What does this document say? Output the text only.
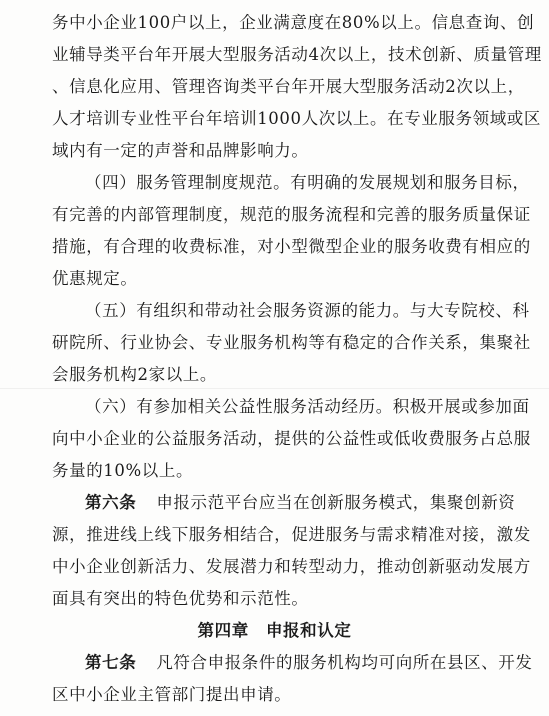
务中小企业100户以上，企业满意度在80%以上。信息查询、创
业辅导类平台年开展大型服务活动4次以上，技术创新、质量管理
、信息化应用、管理咨询类平台年开展大型服务活动2次以上，
人才培训专业性平台年培训1000人次以上。在专业服务领域或区
域内有一定的声誉和品牌影响力。
（四）服务管理制度规范。有明确的发展规划和服务目标，
有完善的内部管理制度，规范的服务流程和完善的服务质量保证
措施，有合理的收费标准，对小型微型企业的服务收费有相应的
优惠规定。
（五）有组织和带动社会服务资源的能力。与大专院校、科
研院所、行业协会、专业服务机构等有稳定的合作关系，集聚社
会服务机构2家以上。
（六）有参加相关公益性服务活动经历。积极开展或参加面
向中小企业的公益服务活动，提供的公益性或低收费服务占总服
务量的10%以上。
第六条 申报示范平台应当在创新服务模式，集聚创新资
源，推进线上线下服务相结合，促进服务与需求精准对接，激发
中小企业创新活力、发展潜力和转型动力，推动创新驱动发展方
面具有突出的特色优势和示范性。
第四章　申报和认定
第七条 凡符合申报条件的服务机构均可向所在县区、开发
区中小企业主管部门提出申请。
